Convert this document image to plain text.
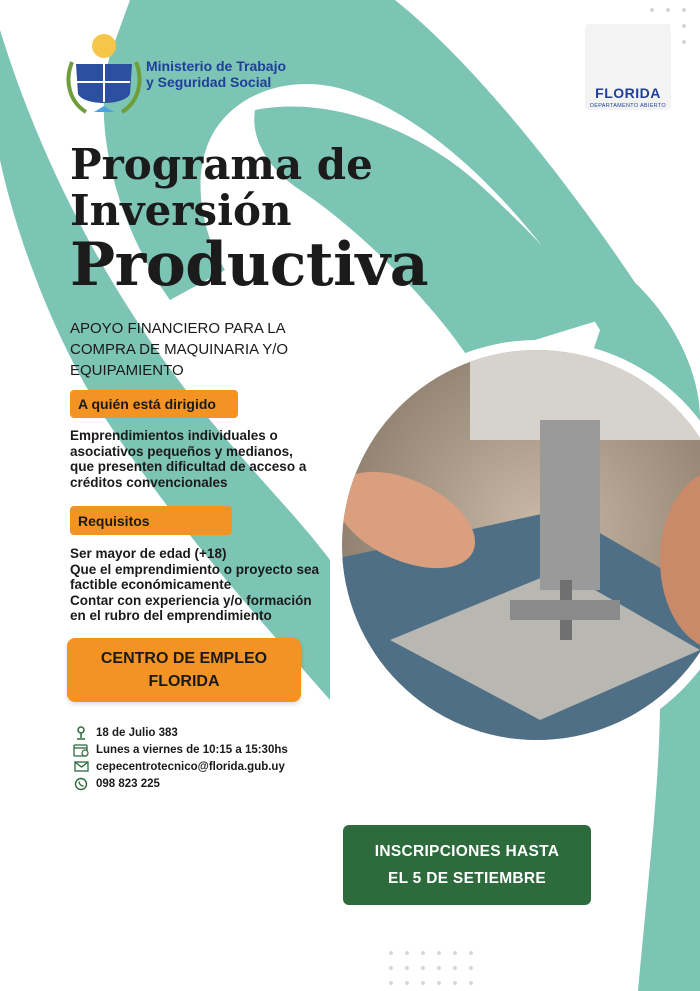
Ministerio de Trabajo
y Seguridad Social
FLORIDA
DEPARTAMENTO ABIERTO
Programa de
Inversión
Productiva
APOYO FINANCIERO PARA LA COMPRA DE MAQUINARIA Y/O EQUIPAMIENTO
A quién está dirigido
Emprendimientos individuales o asociativos pequeños y medianos, que presenten dificultad de acceso a créditos convencionales
Requisitos
Ser mayor de edad (+18)
Que el emprendimiento o proyecto sea factible económicamente
Contar con experiencia y/o formación en el rubro del emprendimiento
CENTRO DE EMPLEO
FLORIDA
18 de Julio 383
Lunes a viernes de 10:15 a 15:30hs
cepecentrotecnico@florida.gub.uy
098 823 225
INSCRIPCIONES HASTA
EL 5 DE SETIEMBRE
